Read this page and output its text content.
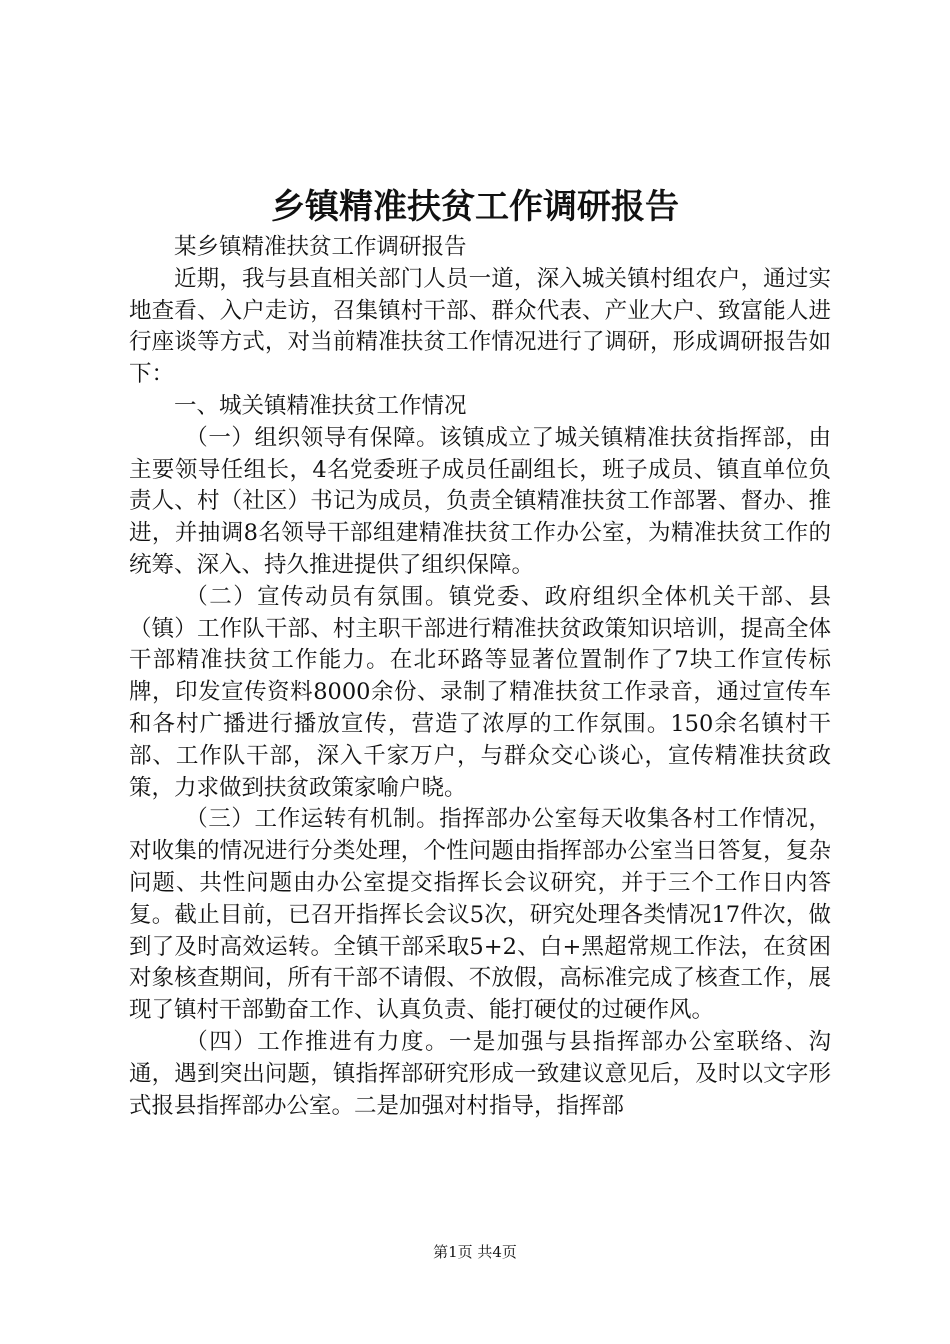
乡镇精准扶贫工作调研报告

某乡镇精准扶贫工作调研报告

近期，我与县直相关部门人员一道，深入城关镇村组农户，通过实地查看、入户走访，召集镇村干部、群众代表、产业大户、致富能人进行座谈等方式，对当前精准扶贫工作情况进行了调研，形成调研报告如下：

一、城关镇精准扶贫工作情况

（一）组织领导有保障。该镇成立了城关镇精准扶贫指挥部，由主要领导任组长，4名党委班子成员任副组长，班子成员、镇直单位负责人、村（社区）书记为成员，负责全镇精准扶贫工作部署、督办、推进，并抽调8名领导干部组建精准扶贫工作办公室，为精准扶贫工作的统筹、深入、持久推进提供了组织保障。

（二）宣传动员有氛围。镇党委、政府组织全体机关干部、县（镇）工作队干部、村主职干部进行精准扶贫政策知识培训，提高全体干部精准扶贫工作能力。在北环路等显著位置制作了7块工作宣传标牌，印发宣传资料8000余份、录制了精准扶贫工作录音，通过宣传车和各村广播进行播放宣传，营造了浓厚的工作氛围。150余名镇村干部、工作队干部，深入千家万户，与群众交心谈心，宣传精准扶贫政策，力求做到扶贫政策家喻户晓。

（三）工作运转有机制。指挥部办公室每天收集各村工作情况，对收集的情况进行分类处理，个性问题由指挥部办公室当日答复，复杂问题、共性问题由办公室提交指挥长会议研究，并于三个工作日内答复。截止目前，已召开指挥长会议5次，研究处理各类情况17件次，做到了及时高效运转。全镇干部采取5+2、白+黑超常规工作法，在贫困对象核查期间，所有干部不请假、不放假，高标准完成了核查工作，展现了镇村干部勤奋工作、认真负责、能打硬仗的过硬作风。

（四）工作推进有力度。一是加强与县指挥部办公室联络、沟通，遇到突出问题，镇指挥部研究形成一致建议意见后，及时以文字形式报县指挥部办公室。二是加强对村指导，指挥部

第1页 共4页
